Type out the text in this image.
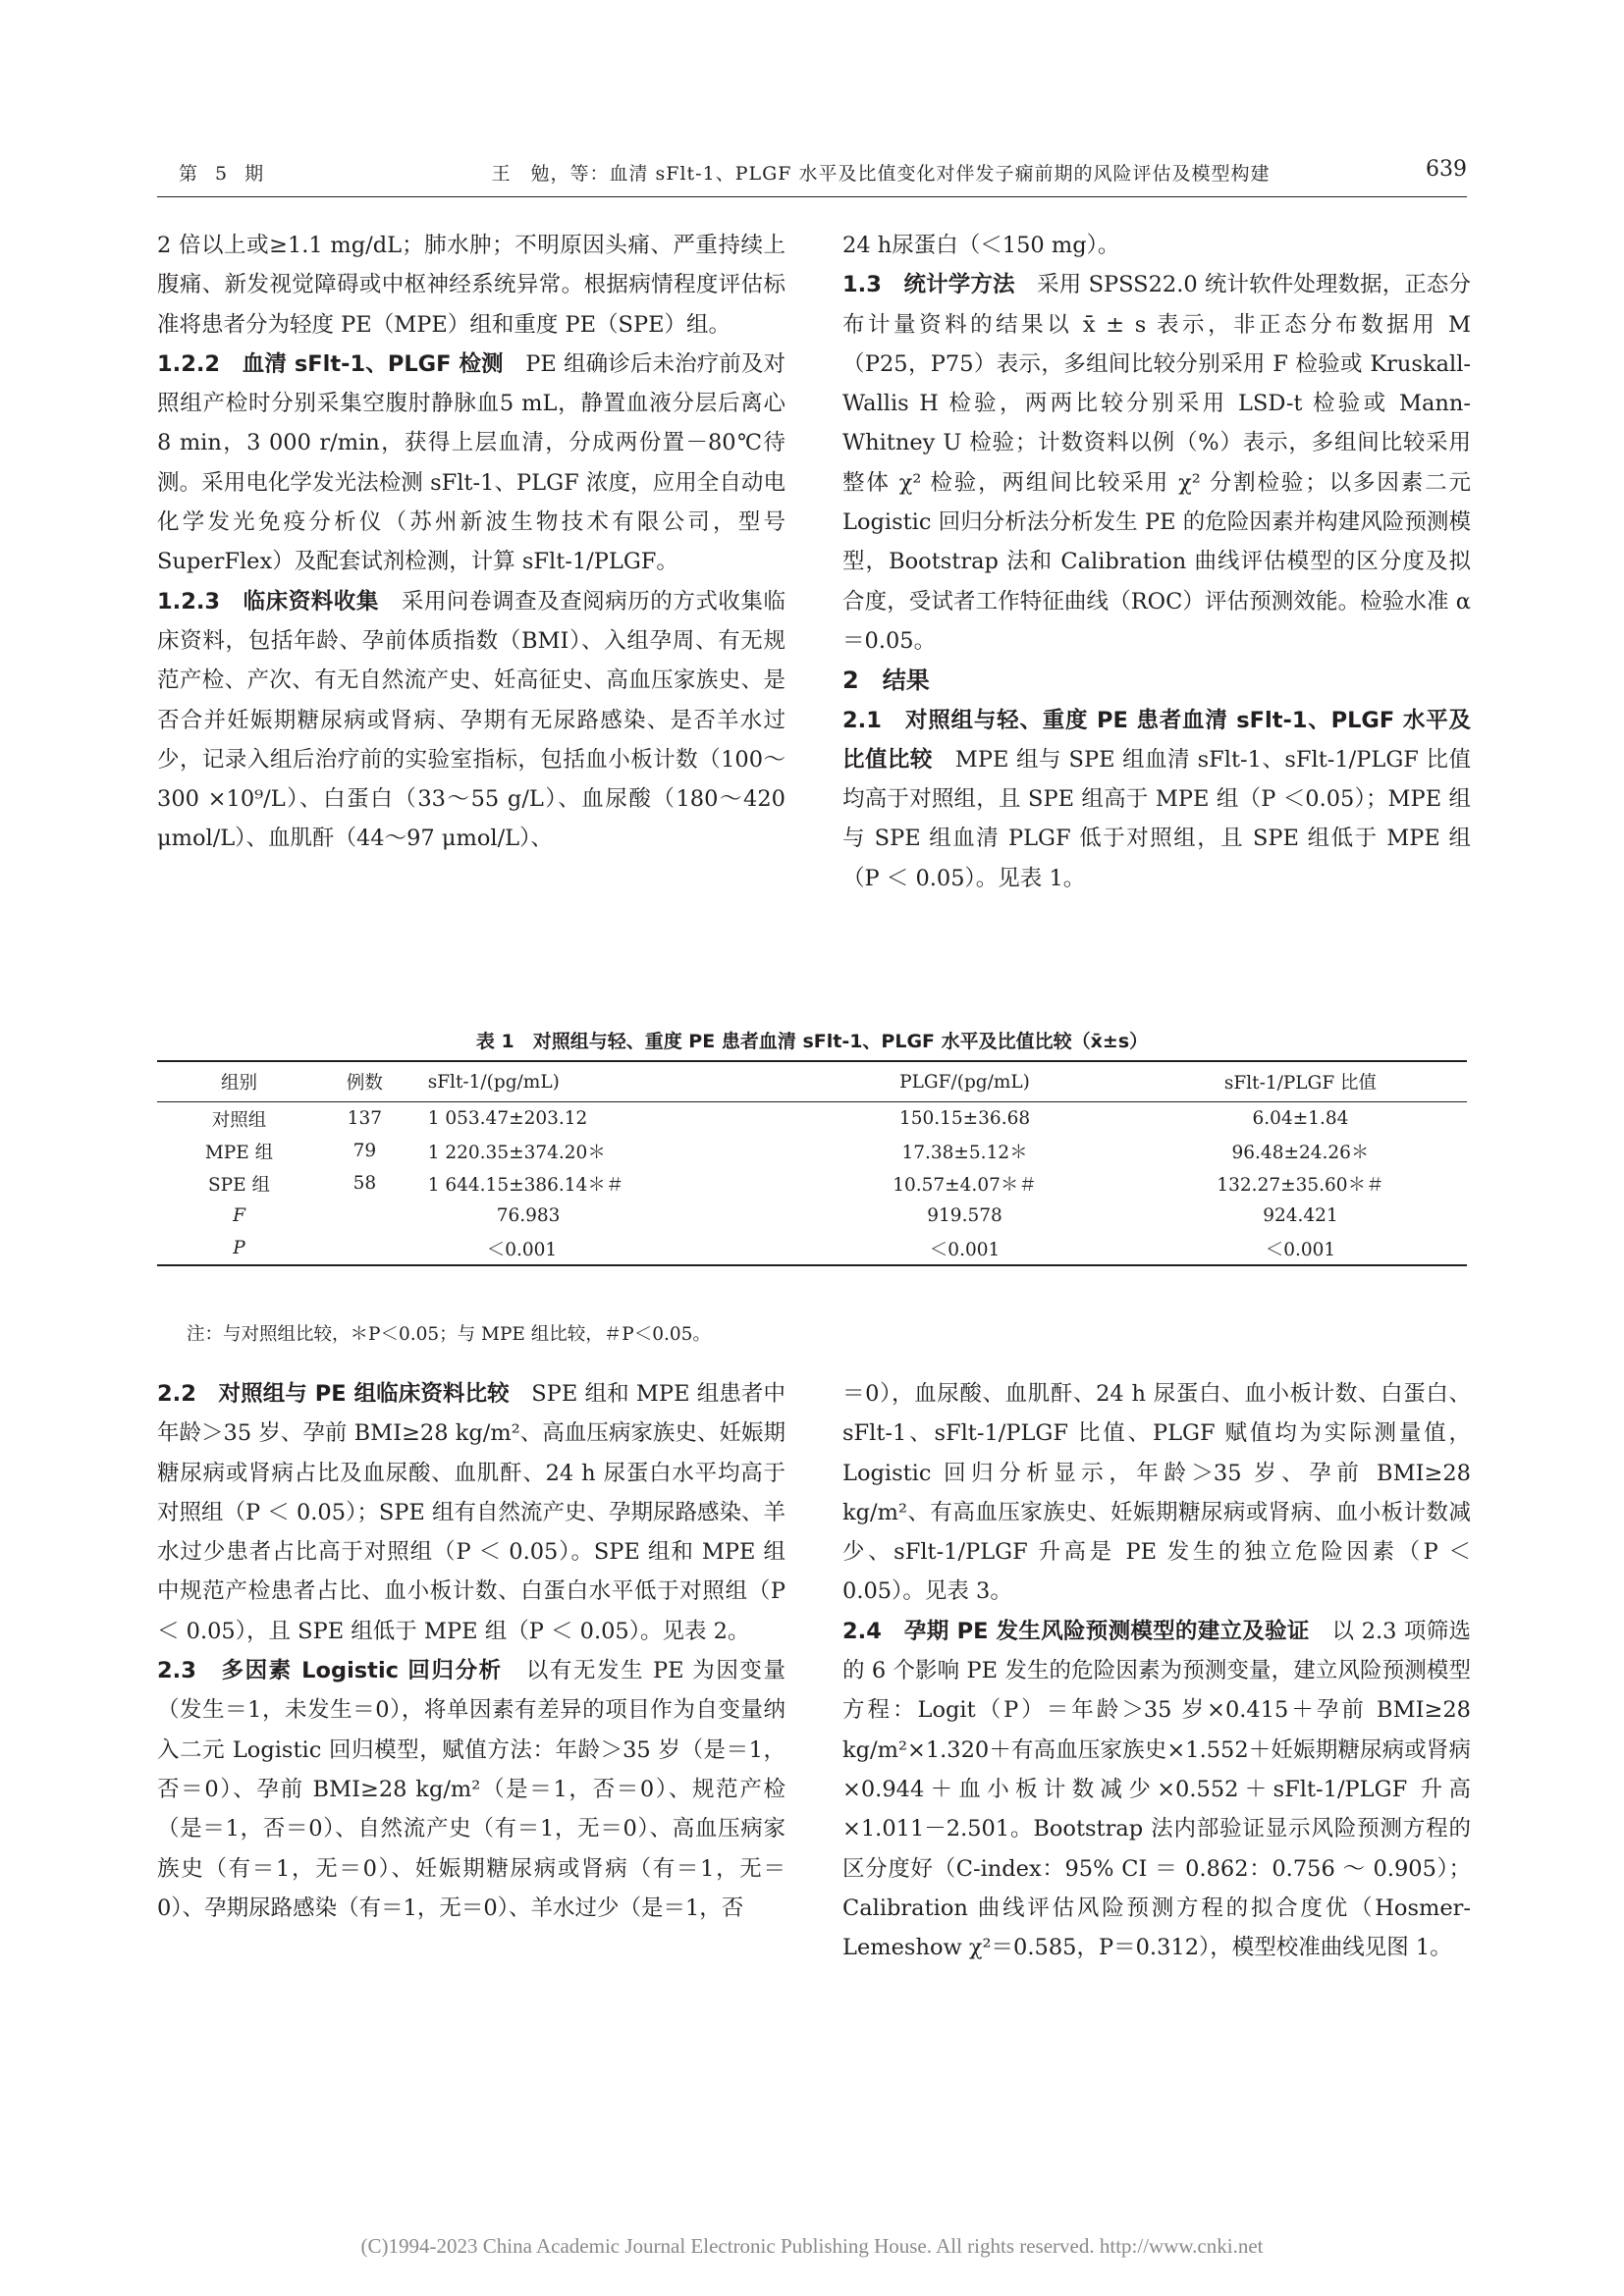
第 5 期	王　勉，等：血清 sFlt-1、PLGF 水平及比值变化对伴发子痫前期的风险评估及模型构建	639

2 倍以上或≥1.1 mg/dL；肺水肿；不明原因头痛、严重持续上腹痛、新发视觉障碍或中枢神经系统异常。根据病情程度评估标准将患者分为轻度 PE（MPE）组和重度 PE（SPE）组。

1.2.2　血清 sFlt-1、PLGF 检测　PE 组确诊后未治疗前及对照组产检时分别采集空腹肘静脉血5 mL，静置血液分层后离心 8 min，3 000 r/min，获得上层血清，分成两份置－80℃待测。采用电化学发光法检测 sFlt-1、PLGF 浓度，应用全自动电化学发光免疫分析仪（苏州新波生物技术有限公司，型号 SuperFlex）及配套试剂检测，计算 sFlt-1/PLGF。

1.2.3　临床资料收集　采用问卷调查及查阅病历的方式收集临床资料，包括年龄、孕前体质指数（BMI）、入组孕周、有无规范产检、产次、有无自然流产史、妊高征史、高血压家族史、是否合并妊娠期糖尿病或肾病、孕期有无尿路感染、是否羊水过少，记录入组后治疗前的实验室指标，包括血小板计数（100～300 ×10⁹/L）、白蛋白（33～55 g/L）、血尿酸（180～420 μmol/L）、血肌酐（44～97 μmol/L）、

24 h尿蛋白（＜150 mg）。

1.3　统计学方法　采用 SPSS22.0 统计软件处理数据，正态分布计量资料的结果以 x̄ ± s 表示，非正态分布数据用 M（P25，P75）表示，多组间比较分别采用 F 检验或 Kruskall-Wallis H 检验，两两比较分别采用 LSD-t 检验或 Mann-Whitney U 检验；计数资料以例（%）表示，多组间比较采用整体 χ² 检验，两组间比较采用 χ² 分割检验；以多因素二元 Logistic 回归分析法分析发生 PE 的危险因素并构建风险预测模型，Bootstrap 法和 Calibration 曲线评估模型的区分度及拟合度，受试者工作特征曲线（ROC）评估预测效能。检验水准 α＝0.05。

2　结果

2.1　对照组与轻、重度 PE 患者血清 sFlt-1、PLGF 水平及比值比较　MPE 组与 SPE 组血清 sFlt-1、sFlt-1/PLGF 比值均高于对照组，且 SPE 组高于 MPE 组（P ＜0.05）；MPE 组与 SPE 组血清 PLGF 低于对照组，且 SPE 组低于 MPE 组（P ＜ 0.05）。见表 1。

表 1　对照组与轻、重度 PE 患者血清 sFlt-1、PLGF 水平及比值比较（x̄±s）
组别	例数	sFlt-1/(pg/mL)	PLGF/(pg/mL)	sFlt-1/PLGF 比值
对照组	137	1 053.47±203.12	150.15±36.68	6.04±1.84
MPE 组	79	1 220.35±374.20＊	17.38±5.12＊	96.48±24.26＊
SPE 组	58	1 644.15±386.14＊＃	10.57±4.07＊＃	132.27±35.60＊＃
F		76.983	919.578	924.421
P		＜0.001	＜0.001	＜0.001
注：与对照组比较，＊P＜0.05；与 MPE 组比较，＃P＜0.05。

2.2　对照组与 PE 组临床资料比较　SPE 组和 MPE 组患者中年龄＞35 岁、孕前 BMI≥28 kg/m²、高血压病家族史、妊娠期糖尿病或肾病占比及血尿酸、血肌酐、24 h 尿蛋白水平均高于对照组（P ＜ 0.05）；SPE 组有自然流产史、孕期尿路感染、羊水过少患者占比高于对照组（P ＜ 0.05）。SPE 组和 MPE 组中规范产检患者占比、血小板计数、白蛋白水平低于对照组（P ＜ 0.05），且 SPE 组低于 MPE 组（P ＜ 0.05）。见表 2。

2.3　多因素 Logistic 回归分析　以有无发生 PE 为因变量（发生＝1，未发生＝0），将单因素有差异的项目作为自变量纳入二元 Logistic 回归模型，赋值方法：年龄＞35 岁（是＝1，否＝0）、孕前 BMI≥28 kg/m²（是＝1，否＝0）、规范产检（是＝1，否＝0）、自然流产史（有＝1，无＝0）、高血压病家族史（有＝1，无＝0）、妊娠期糖尿病或肾病（有＝1，无＝0）、孕期尿路感染（有＝1，无＝0）、羊水过少（是＝1，否

＝0），血尿酸、血肌酐、24 h 尿蛋白、血小板计数、白蛋白、sFlt-1、sFlt-1/PLGF 比值、PLGF 赋值均为实际测量值，Logistic 回归分析显示，年龄＞35 岁、孕前 BMI≥28 kg/m²、有高血压家族史、妊娠期糖尿病或肾病、血小板计数减少、sFlt-1/PLGF 升高是 PE 发生的独立危险因素（P ＜ 0.05）。见表 3。

2.4　孕期 PE 发生风险预测模型的建立及验证　以 2.3 项筛选的 6 个影响 PE 发生的危险因素为预测变量，建立风险预测模型方程：Logit（P）＝年龄＞35 岁×0.415＋孕前 BMI≥28 kg/m²×1.320＋有高血压家族史×1.552＋妊娠期糖尿病或肾病×0.944＋血小板计数减少×0.552＋sFlt-1/PLGF 升高×1.011－2.501。Bootstrap 法内部验证显示风险预测方程的区分度好（C-index：95% CI ＝ 0.862：0.756 ～ 0.905）；Calibration 曲线评估风险预测方程的拟合度优（Hosmer-Lemeshow χ²＝0.585，P＝0.312），模型校准曲线见图 1。

(C)1994-2023 China Academic Journal Electronic Publishing House. All rights reserved. http://www.cnki.net
